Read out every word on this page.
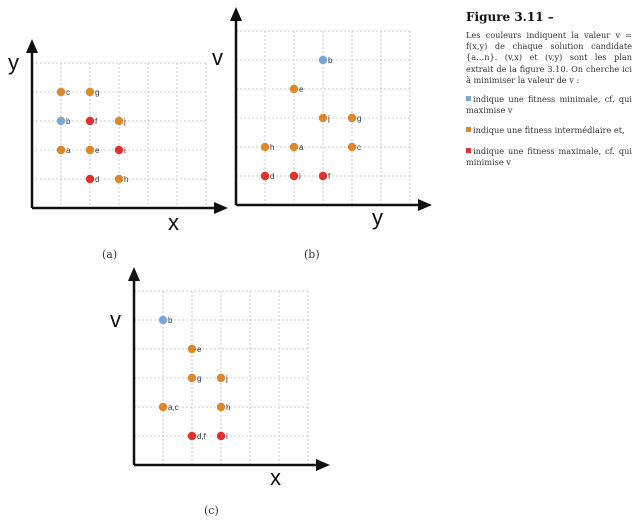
y
x
c	g
b	f	j
a	e	i
d	h
(a)
v
y
b
e
j	g
h	a	c
d	i	f
(b)
v
x
b
e
g	j
a,c	h
d,f	i
(c)
Figure 3.11 –

Les couleurs indiquent la valeur v = f(x,y) de chaque solution candidate {a…n}. (v,x) et (v,y) sont les plan extrait de la figure 3.10. On cherche ici à minimiser la valeur de v :

indique une fitness minimale, cf. qui maximise v
indique une fitness intermédiaire et,
indique une fitness maximale, cf. qui minimise v
